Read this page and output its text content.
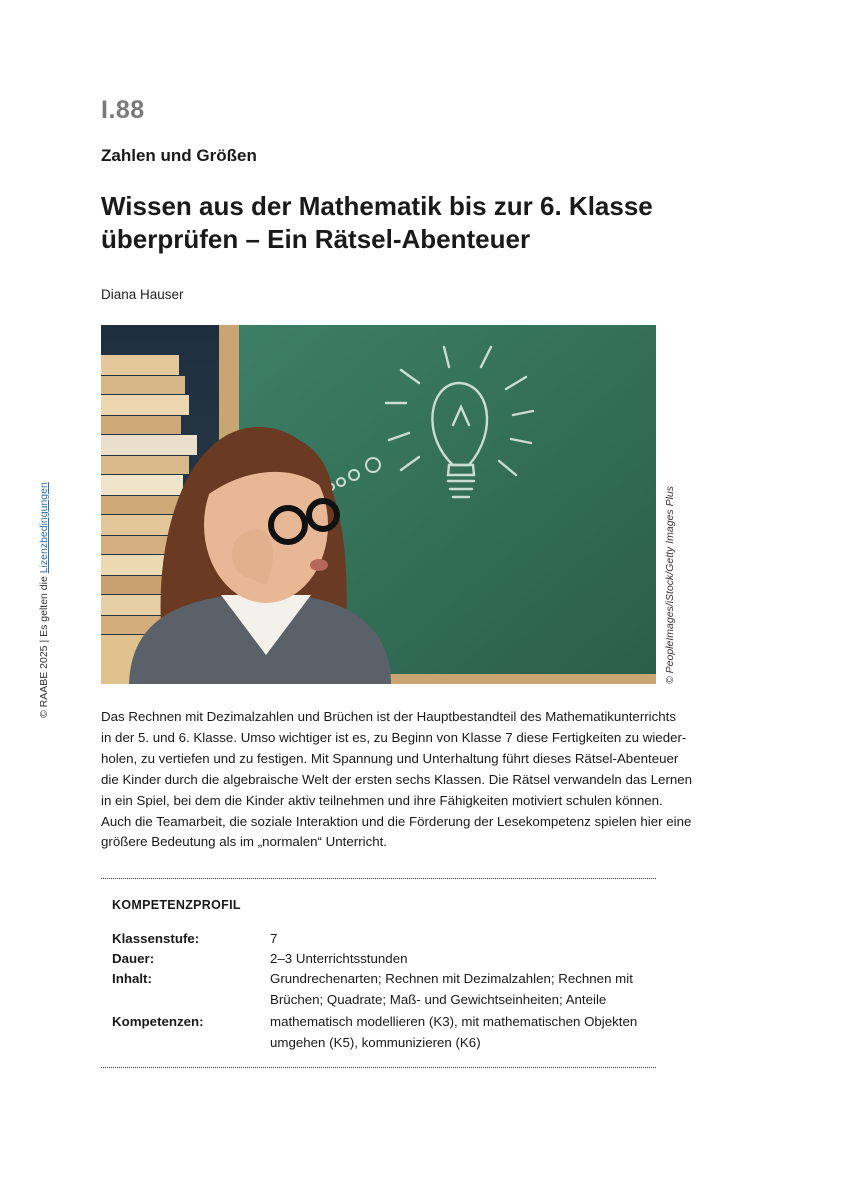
I.88
Zahlen und Größen
Wissen aus der Mathematik bis zur 6. Klasse
überprüfen – Ein Rätsel-Abenteuer
Diana Hauser
© PeopleImages/iStock/Getty Images Plus
© RAABE 2025 | Es gelten die Lizenzbedingungen

Das Rechnen mit Dezimalzahlen und Brüchen ist der Hauptbestandteil des Mathematikunterrichts
in der 5. und 6. Klasse. Umso wichtiger ist es, zu Beginn von Klasse 7 diese Fertigkeiten zu wieder-
holen, zu vertiefen und zu festigen. Mit Spannung und Unterhaltung führt dieses Rätsel-Abenteuer
die Kinder durch die algebraische Welt der ersten sechs Klassen. Die Rätsel verwandeln das Lernen
in ein Spiel, bei dem die Kinder aktiv teilnehmen und ihre Fähigkeiten motiviert schulen können.
Auch die Teamarbeit, die soziale Interaktion und die Förderung der Lesekompetenz spielen hier eine
größere Bedeutung als im „normalen“ Unterricht.

KOMPETENZPROFIL
Klassenstufe:	7
Dauer:	2–3 Unterrichtsstunden
Inhalt:	Grundrechenarten; Rechnen mit Dezimalzahlen; Rechnen mit
Brüchen; Quadrate; Maß- und Gewichtseinheiten; Anteile
Kompetenzen:	mathematisch modellieren (K3), mit mathematischen Objekten
umgehen (K5), kommunizieren (K6)
